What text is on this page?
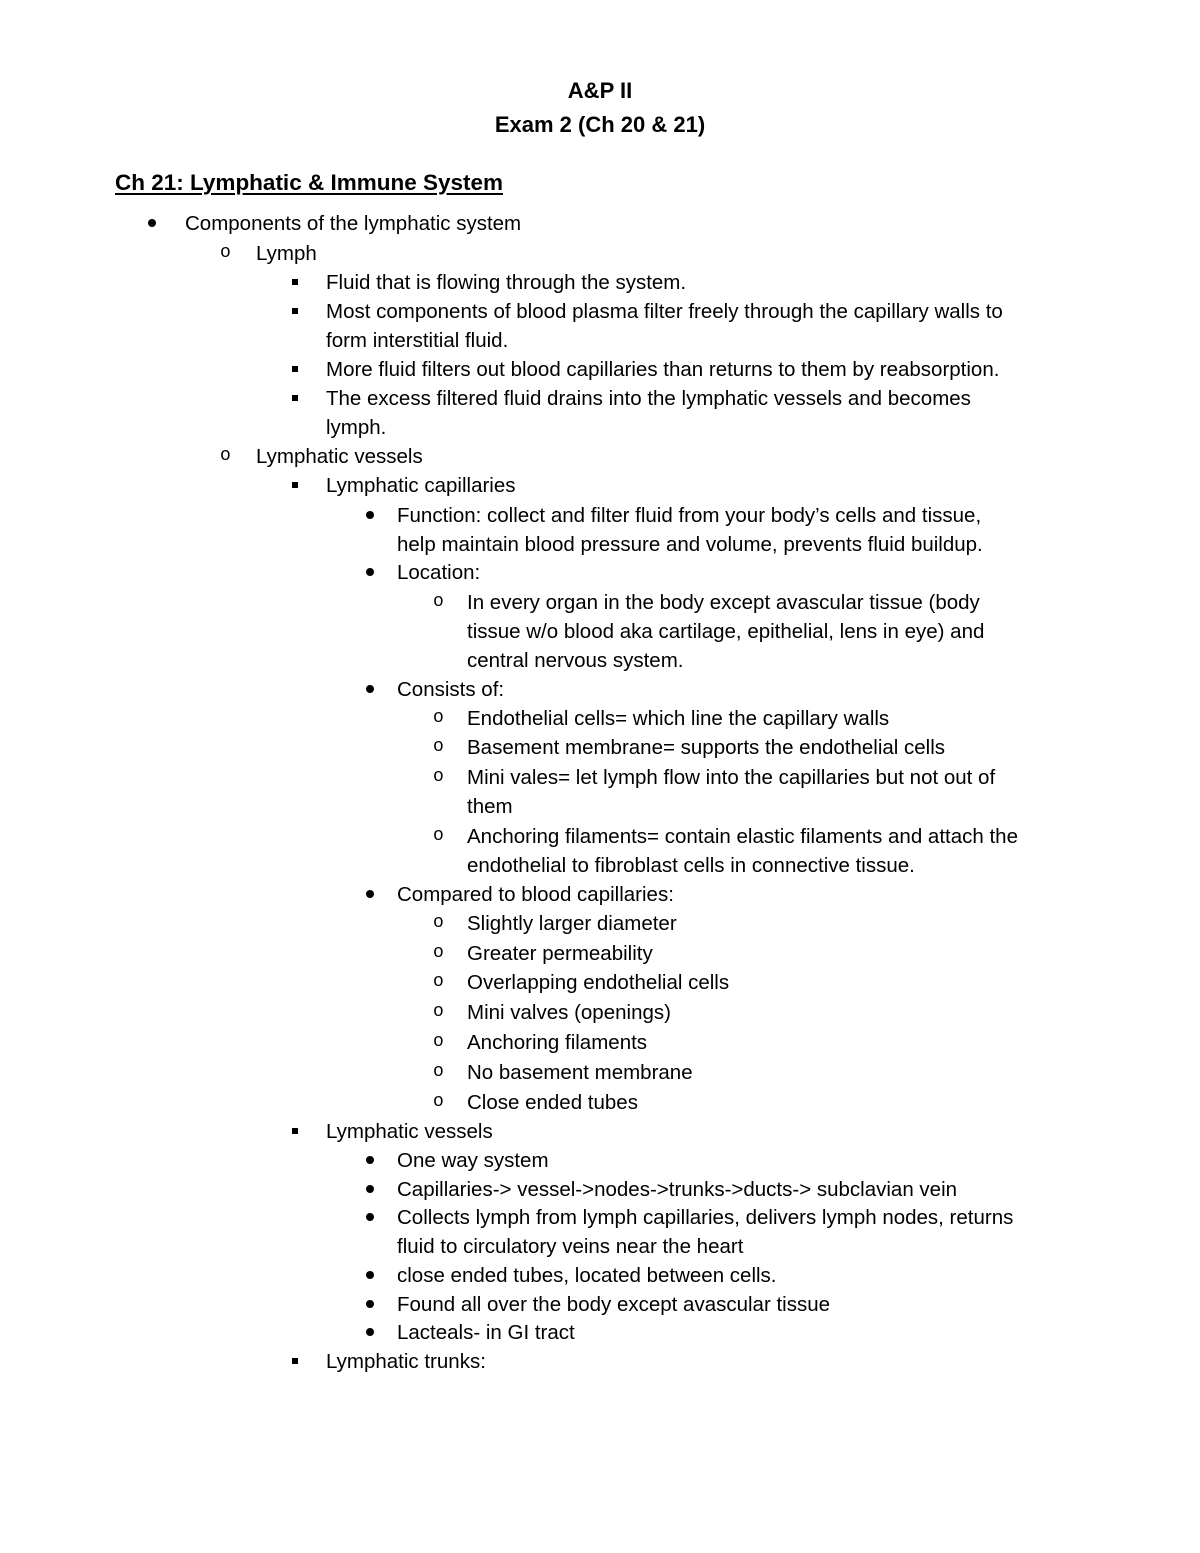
A&P II
Exam 2 (Ch 20 & 21)
Ch 21: Lymphatic & Immune System
Components of the lymphatic system
o Lymph
Fluid that is flowing through the system.
Most components of blood plasma filter freely through the capillary walls to
form interstitial fluid.
More fluid filters out blood capillaries than returns to them by reabsorption.
The excess filtered fluid drains into the lymphatic vessels and becomes
lymph.
o Lymphatic vessels
Lymphatic capillaries
Function: collect and filter fluid from your body’s cells and tissue,
help maintain blood pressure and volume, prevents fluid buildup.
Location:
o In every organ in the body except avascular tissue (body
tissue w/o blood aka cartilage, epithelial, lens in eye) and
central nervous system.
Consists of:
o Endothelial cells= which line the capillary walls
o Basement membrane= supports the endothelial cells
o Mini vales= let lymph flow into the capillaries but not out of
them
o Anchoring filaments= contain elastic filaments and attach the
endothelial to fibroblast cells in connective tissue.
Compared to blood capillaries:
o Slightly larger diameter
o Greater permeability
o Overlapping endothelial cells
o Mini valves (openings)
o Anchoring filaments
o No basement membrane
o Close ended tubes
Lymphatic vessels
One way system
Capillaries-> vessel->nodes->trunks->ducts-> subclavian vein
Collects lymph from lymph capillaries, delivers lymph nodes, returns
fluid to circulatory veins near the heart
close ended tubes, located between cells.
Found all over the body except avascular tissue
Lacteals- in GI tract
Lymphatic trunks:
